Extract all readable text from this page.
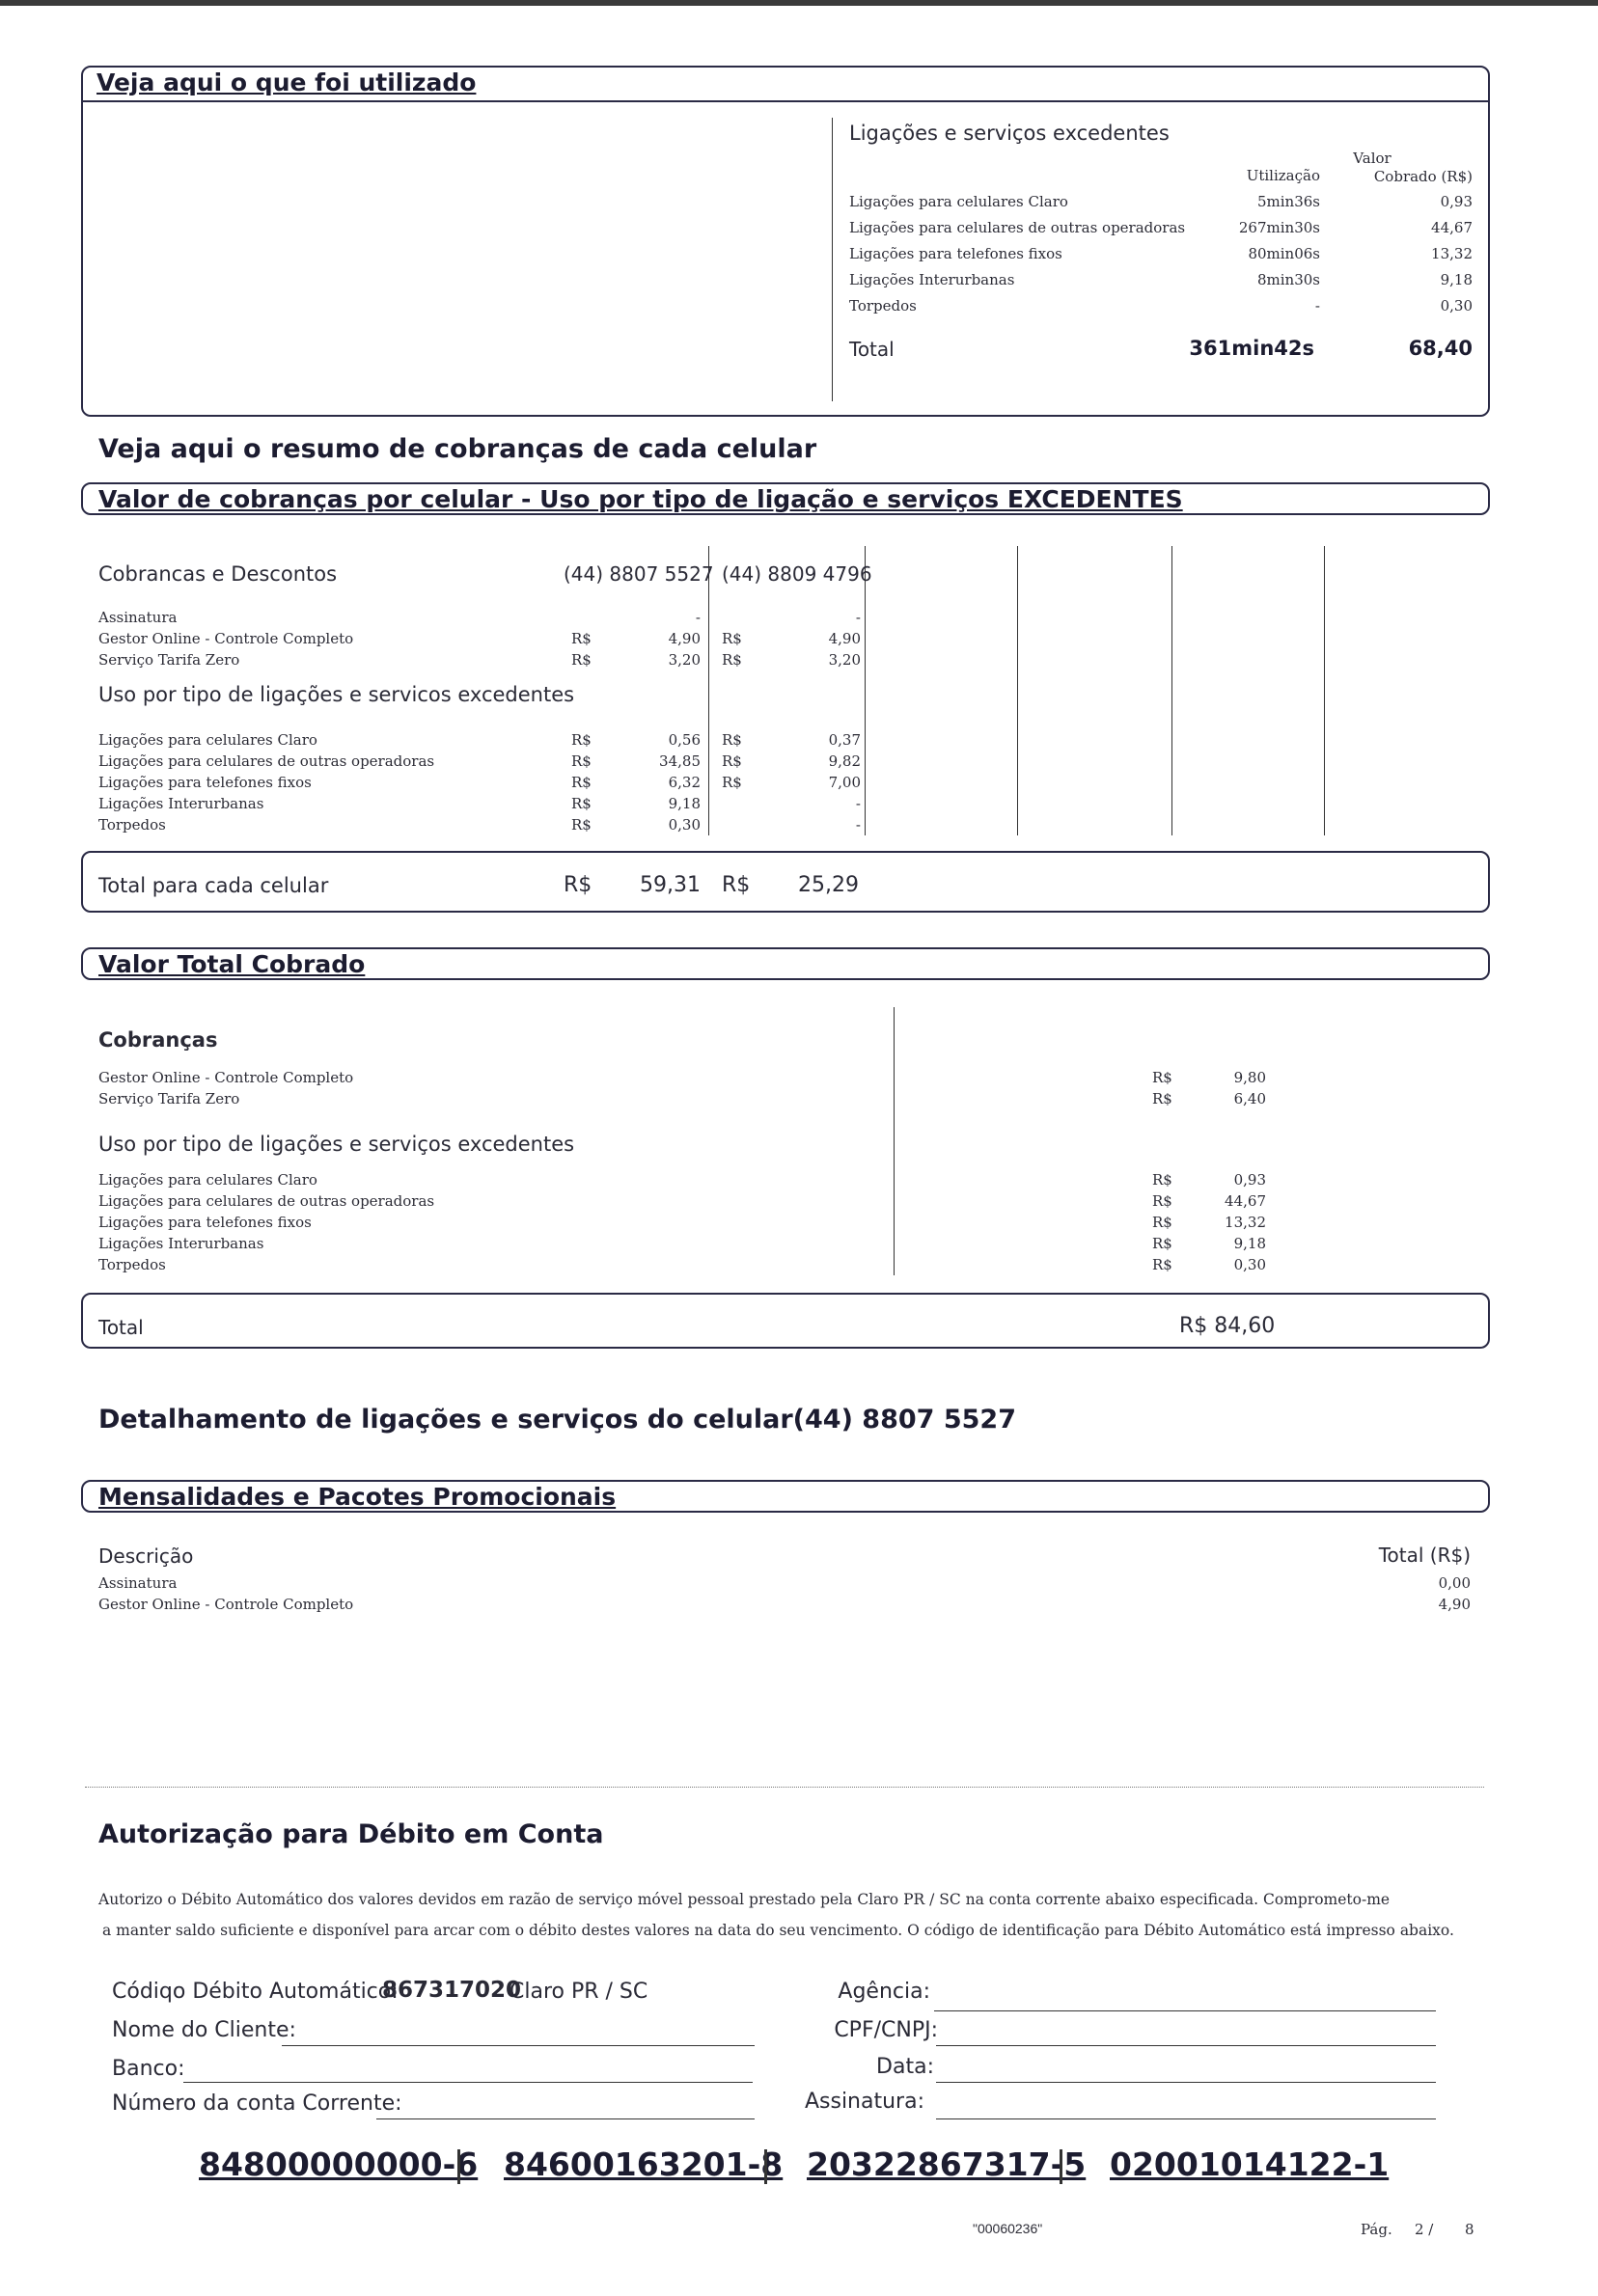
Veja aqui o que foi utilizado
Ligações e serviços excedentes
Utilização
Valor
Cobrado (R$)
Ligações para celulares Claro	5min36s	0,93
Ligações para celulares de outras operadoras	267min30s	44,67
Ligações para telefones fixos	80min06s	13,32
Ligações Interurbanas	8min30s	9,18
Torpedos	-	0,30
Total	361min42s	68,40
Veja aqui o resumo de cobranças de cada celular
Valor de cobranças por celular - Uso por tipo de ligação e serviços EXCEDENTES
Cobrancas e Descontos	(44) 8807 5527 (44) 8809 4796
Assinatura	-	-
Gestor Online - Controle Completo	R$	4,90 R$	4,90
Serviço Tarifa Zero	R$	3,20 R$	3,20
Uso por tipo de ligações e servicos excedentes
Ligações para celulares Claro	R$	0,56 R$	0,37
Ligações para celulares de outras operadoras	R$	34,85 R$	9,82
Ligações para telefones fixos	R$	6,32 R$	7,00
Ligações Interurbanas	R$	9,18	-
Torpedos	R$	0,30	-
Total para cada celular	R$	59,31 R$	25,29
Valor Total Cobrado
Cobranças
Gestor Online - Controle Completo	R$	9,80
Serviço Tarifa Zero	R$	6,40
Uso por tipo de ligações e serviços excedentes
Ligações para celulares Claro	R$	0,93
Ligações para celulares de outras operadoras	R$	44,67
Ligações para telefones fixos	R$	13,32
Ligações Interurbanas	R$	9,18
Torpedos	R$	0,30
Total	R$ 84,60
Detalhamento de ligações e serviços do celular(44) 8807 5527
Mensalidades e Pacotes Promocionais
Descrição	Total (R$)
Assinatura	0,00
Gestor Online - Controle Completo	4,90
Autorização para Débito em Conta
Autorizo o Débito Automático dos valores devidos em razão de serviço móvel pessoal prestado pela Claro PR / SC na conta corrente abaixo especificada. Comprometo-me
a manter saldo suficiente e disponível para arcar com o débito destes valores na data do seu vencimento. O código de identificação para Débito Automático está impresso abaixo.
Códiqo Débito Automático:
867317020
Claro PR / SC
Nome do Cliente:
Banco:
Número da conta Corrente:
Agência:
CPF/CNPJ:
Data:
Assinatura:
84800000000-6 84600163201-8 20322867317-5 02001014122-1
"00060236"	Pág. 2 / 8
